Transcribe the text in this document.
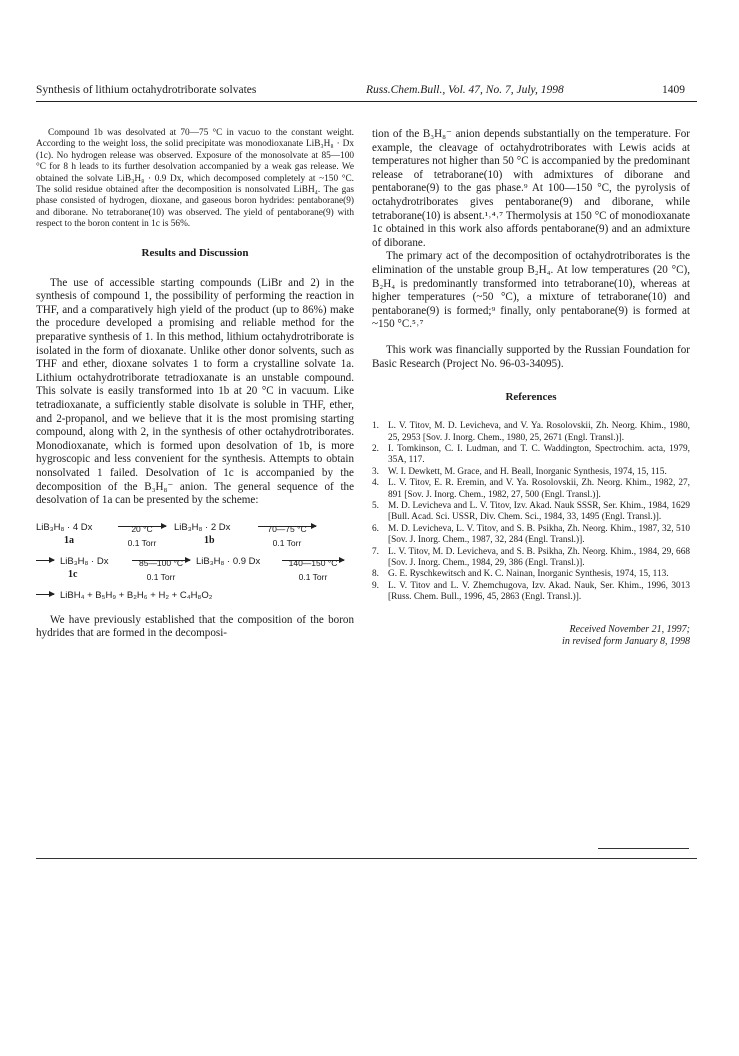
Synthesis of lithium octahydrotriborate solvates	Russ.Chem.Bull., Vol. 47, No. 7, July, 1998	1409

Compound 1b was desolvated at 70—75 °C in vacuo to the constant weight. According to the weight loss, the solid precipitate was monodioxanate LiB₃H₈ · Dx (1c). No hydrogen release was observed. Exposure of the monosolvate at 85—100 °C for 8 h leads to its further desolvation accompanied by a weak gas release. We obtained the solvate LiB₃H₈ · 0.9 Dx, which decomposed completely at ~150 °C. The solid residue obtained after the decomposition is nonsolvated LiBH₄. The gas phase consisted of hydrogen, dioxane, and gaseous boron hydrides: pentaborane(9) and diborane. No tetraborane(10) was observed. The yield of pentaborane(9) with respect to the boron content in 1c is 56%.

Results and Discussion

The use of accessible starting compounds (LiBr and 2) in the synthesis of compound 1, the possibility of performing the reaction in THF, and a comparatively high yield of the product (up to 86%) make the procedure developed a promising and reliable method for the preparative synthesis of 1. In this method, lithium octahydrotriborate is isolated in the form of dioxanate. Unlike other donor solvents, such as THF and ether, dioxane solvates 1 to form a crystalline solvate 1a. Lithium octahydrotriborate tetradioxanate is an unstable compound. This solvate is easily transformed into 1b at 20 °C in vacuum. Like tetradioxanate, a sufficiently stable disolvate is soluble in THF, ether, and 2-propanol, and we believe that it is the most promising starting compound, along with 2, in the synthesis of other octahydrotriborates. Monodioxanate, which is formed upon desolvation of 1b, is more hygroscopic and less convenient for the synthesis. Attempts to obtain nonsolvated 1 failed. Desolvation of 1c is accompanied by the decomposition of the B₃H₈⁻ anion. The general sequence of the desolvation of 1a can be presented by the scheme:

LiB₃H₈ · 4 Dx
1a
20 °C
0.1 Torr
LiB₃H₈ · 2 Dx
1b
70—75 °C
0.1 Torr
LiB₃H₈ · Dx
1c
85—100 °C
0.1 Torr
LiB₃H₈ · 0.9 Dx	140—150 °C
0.1 Torr
LiBH₄ + B₅H₉ + B₂H₆ + H₂ + C₄H₈O₂

We have previously established that the composition of the boron hydrides that are formed in the decomposi-

tion of the B₃H₈⁻ anion depends substantially on the temperature. For example, the cleavage of octahydrotriborates with Lewis acids at temperatures not higher than 50 °C is accompanied by the predominant release of tetraborane(10) with admixtures of diborane and pentaborane(9) to the gas phase.⁹ At 100—150 °C, the pyrolysis of octahydrotriborates gives pentaborane(9) and diborane, while tetraborane(10) is absent.¹˒⁴˒⁷ Thermolysis at 150 °C of monodioxanate 1c obtained in this work also affords pentaborane(9) and an admixture of diborane.

The primary act of the decomposition of octahydrotriborates is the elimination of the unstable group B₂H₄. At low temperatures (20 °C), B₂H₄ is predominantly transformed into tetraborane(10), whereas at higher temperatures (~50 °C), a mixture of tetraborane(10) and pentaborane(9) is formed;⁹ finally, only pentaborane(9) is formed at ~150 °C.⁵˒⁷

This work was financially supported by the Russian Foundation for Basic Research (Project No. 96-03-34095).

References
1. L. V. Titov, M. D. Levicheva, and V. Ya. Rosolovskii, Zh. Neorg. Khim., 1980, 25, 2953 [Sov. J. Inorg. Chem., 1980, 25, 2671 (Engl. Transl.)].
2. I. Tomkinson, C. I. Ludman, and T. C. Waddington, Spectrochim. acta, 1979, 35A, 117.
3. W. I. Dewkett, M. Grace, and H. Beall, Inorganic Synthesis, 1974, 15, 115.
4. L. V. Titov, E. R. Eremin, and V. Ya. Rosolovskii, Zh. Neorg. Khim., 1982, 27, 891 [Sov. J. Inorg. Chem., 1982, 27, 500 (Engl. Transl.)].
5. M. D. Levicheva and L. V. Titov, Izv. Akad. Nauk SSSR, Ser. Khim., 1984, 1629 [Bull. Acad. Sci. USSR, Div. Chem. Sci., 1984, 33, 1495 (Engl. Transl.)].
6. M. D. Levicheva, L. V. Titov, and S. B. Psikha, Zh. Neorg. Khim., 1987, 32, 510 [Sov. J. Inorg. Chem., 1987, 32, 284 (Engl. Transl.)].
7. L. V. Titov, M. D. Levicheva, and S. B. Psikha, Zh. Neorg. Khim., 1984, 29, 668 [Sov. J. Inorg. Chem., 1984, 29, 386 (Engl. Transl.)].
8. G. E. Ryschkewitsch and K. C. Nainan, Inorganic Synthesis, 1974, 15, 113.
9. L. V. Titov and L. V. Zhemchugova, Izv. Akad. Nauk, Ser. Khim., 1996, 3013 [Russ. Chem. Bull., 1996, 45, 2863 (Engl. Transl.)].
Received November 21, 1997;
in revised form January 8, 1998
